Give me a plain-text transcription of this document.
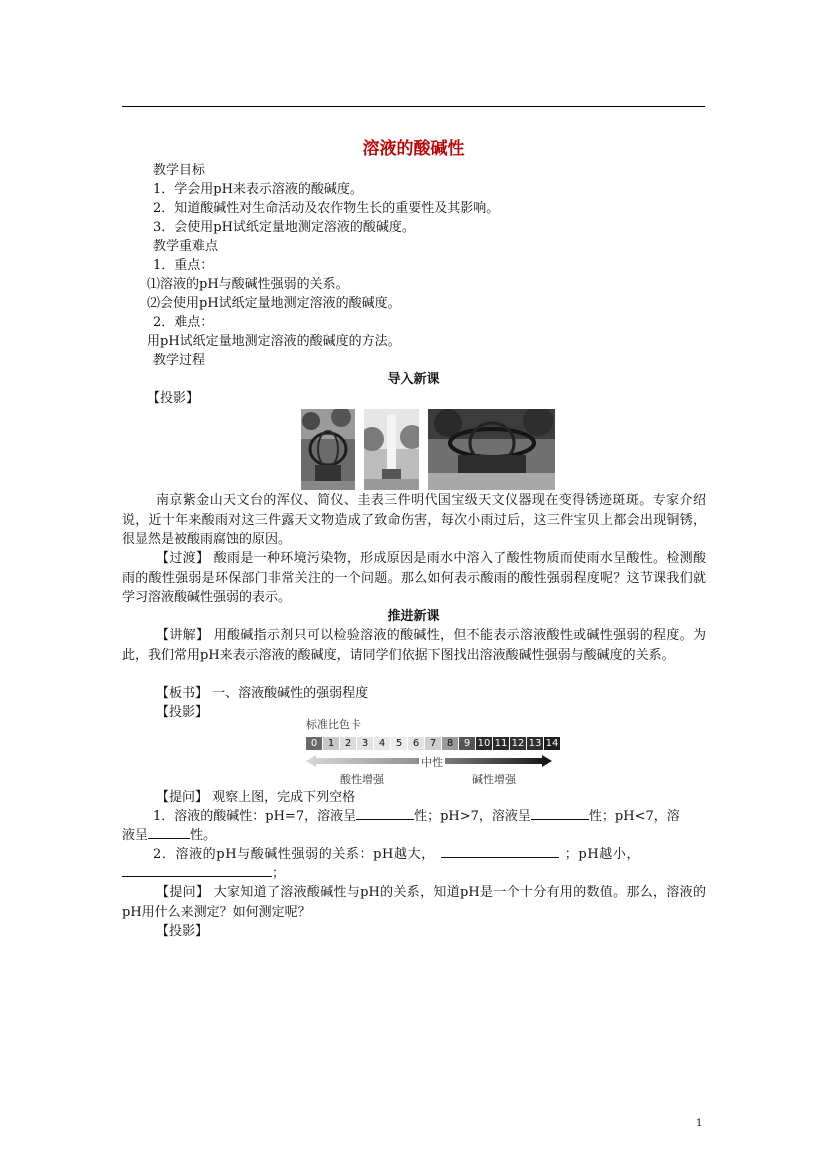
溶液的酸碱性
教学目标
1．学会用pH来表示溶液的酸碱度。
2．知道酸碱性对生命活动及农作物生长的重要性及其影响。
3．会使用pH试纸定量地测定溶液的酸碱度。
教学重难点
1．重点：
⑴溶液的pH与酸碱性强弱的关系。
⑵会使用pH试纸定量地测定溶液的酸碱度。
2．难点：
用pH试纸定量地测定溶液的酸碱度的方法。
教学过程
导入新课
【投影】
南京紫金山天文台的浑仪、简仪、圭表三件明代国宝级天文仪器现在变得锈迹斑斑。专家介绍说，近十年来酸雨对这三件露天文物造成了致命伤害，每次小雨过后，这三件宝贝上都会出现铜锈，很显然是被酸雨腐蚀的原因。
【过渡】 酸雨是一种环境污染物，形成原因是雨水中溶入了酸性物质而使雨水呈酸性。检测酸雨的酸性强弱是环保部门非常关注的一个问题。那么如何表示酸雨的酸性强弱程度呢？这节课我们就学习溶液酸碱性强弱的表示。
推进新课
【讲解】 用酸碱指示剂只可以检验溶液的酸碱性，但不能表示溶液酸性或碱性强弱的程度。为此，我们常用pH来表示溶液的酸碱度，请同学们依据下图找出溶液酸碱性强弱与酸碱度的关系。
【板书】 一、溶液酸碱性的强弱程度
【投影】
标准比色卡
0	1	2	3	4	5	6	7	8	9 10 11 12 13 14
中性
酸性增强	碱性增强
【提问】 观察上图，完成下列空格
1．溶液的酸碱性：pH=7，溶液呈	性；pH>7，溶液呈	性；pH<7，溶
液呈	性。
2．溶液的pH与酸碱性强弱的关系：pH越大，	；pH越小，
；
【提问】 大家知道了溶液酸碱性与pH的关系，知道pH是一个十分有用的数值。那么，溶液的pH用什么来测定？如何测定呢？
【投影】
1
